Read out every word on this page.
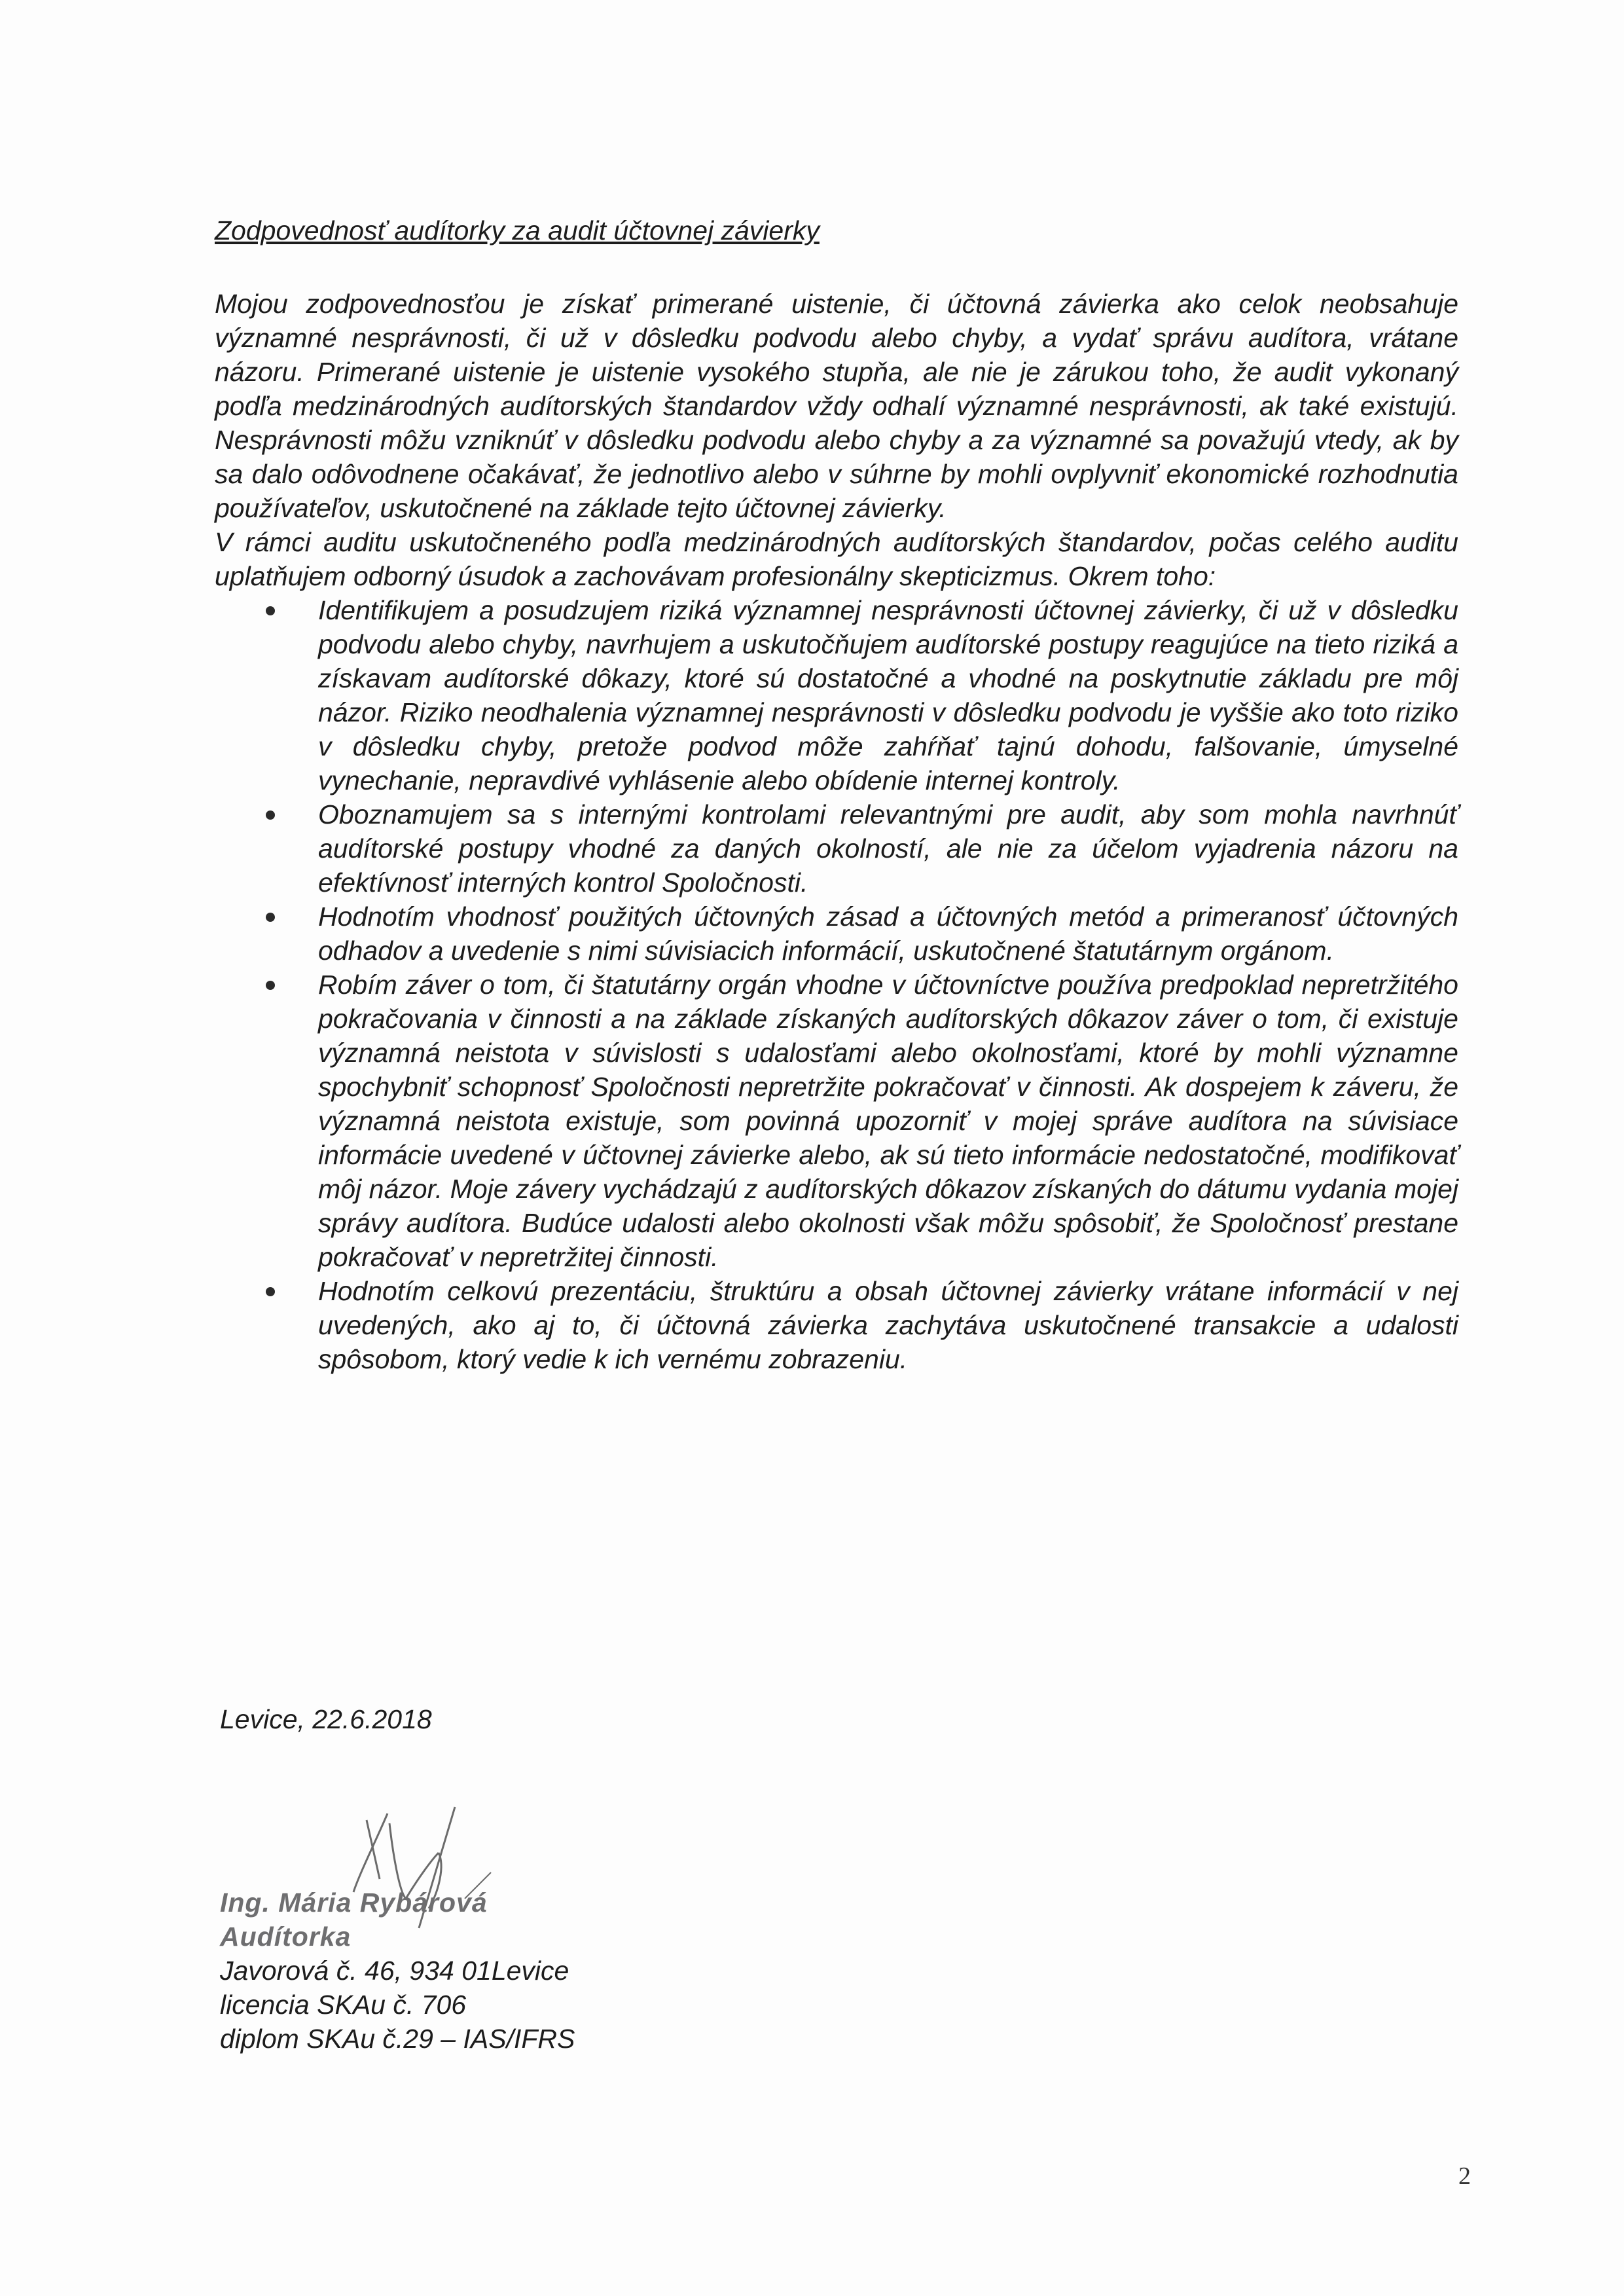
Zodpovednosť audítorky za audit účtovnej závierky

Mojou zodpovednosťou je získať primerané uistenie, či účtovná závierka ako celok neobsahuje významné nesprávnosti, či už v dôsledku podvodu alebo chyby, a vydať správu audítora, vrátane názoru. Primerané uistenie je uistenie vysokého stupňa, ale nie je zárukou toho, že audit vykonaný podľa medzinárodných audítorských štandardov vždy odhalí významné nesprávnosti, ak také existujú. Nesprávnosti môžu vzniknúť v dôsledku podvodu alebo chyby a za významné sa považujú vtedy, ak by sa dalo odôvodnene očakávať, že jednotlivo alebo v súhrne by mohli ovplyvniť ekonomické rozhodnutia používateľov, uskutočnené na základe tejto účtovnej závierky.

V rámci auditu uskutočneného podľa medzinárodných audítorských štandardov, počas celého auditu uplatňujem odborný úsudok a zachovávam profesionálny skepticizmus. Okrem toho:

Identifikujem a posudzujem riziká významnej nesprávnosti účtovnej závierky, či už v dôsledku podvodu alebo chyby, navrhujem a uskutočňujem audítorské postupy reagujúce na tieto riziká a získavam audítorské dôkazy, ktoré sú dostatočné a vhodné na poskytnutie základu pre môj názor. Riziko neodhalenia významnej nesprávnosti v dôsledku podvodu je vyššie ako toto riziko v dôsledku chyby, pretože podvod môže zahŕňať tajnú dohodu, falšovanie, úmyselné vynechanie, nepravdivé vyhlásenie alebo obídenie internej kontroly.
Oboznamujem sa s internými kontrolami relevantnými pre audit, aby som mohla navrhnúť audítorské postupy vhodné za daných okolností, ale nie za účelom vyjadrenia názoru na efektívnosť interných kontrol Spoločnosti.
Hodnotím vhodnosť použitých účtovných zásad a účtovných metód a primeranosť účtovných odhadov a uvedenie s nimi súvisiacich informácií, uskutočnené štatutárnym orgánom.
Robím záver o tom, či štatutárny orgán vhodne v účtovníctve používa predpoklad nepretržitého pokračovania v činnosti a na základe získaných audítorských dôkazov záver o tom, či existuje významná neistota v súvislosti s udalosťami alebo okolnosťami, ktoré by mohli významne spochybniť schopnosť Spoločnosti nepretržite pokračovať v činnosti. Ak dospejem k záveru, že významná neistota existuje, som povinná upozorniť v mojej správe audítora na súvisiace informácie uvedené v účtovnej závierke alebo, ak sú tieto informácie nedostatočné, modifikovať môj názor. Moje závery vychádzajú z audítorských dôkazov získaných do dátumu vydania mojej správy audítora. Budúce udalosti alebo okolnosti však môžu spôsobiť, že Spoločnosť prestane pokračovať v nepretržitej činnosti.
Hodnotím celkovú prezentáciu, štruktúru a obsah účtovnej závierky vrátane informácií v nej uvedených, ako aj to, či účtovná závierka zachytáva uskutočnené transakcie a udalosti spôsobom, ktorý vedie k ich vernému zobrazeniu.
Levice, 22.6.2018
Ing. Mária Rybárová
Audítorka
Javorová č. 46, 934 01Levice
licencia SKAu č. 706
diplom SKAu č.29 – IAS/IFRS
2
